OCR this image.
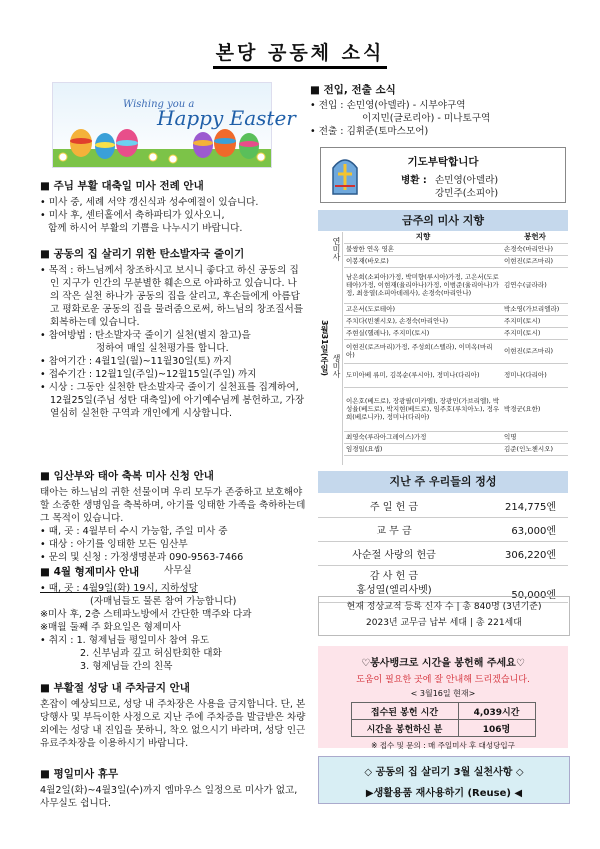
본당 공동체 소식
Wishing you a
Happy Easter
■ 주님 부활 대축일 미사 전례 안내
• 미사 중, 세례 서약 갱신식과 성수예절이 있습니다.
• 미사 후, 센터홀에서 축하파티가 있사오니,
함께 하시어 부활의 기쁨을 나누시기 바랍니다.
■ 공동의 집 살리기 위한 탄소발자국 줄이기
• 목적 : 하느님께서 창조하시고 보시니 좋다고 하신 공동의 집인 지구가 인간의 무분별한 훼손으로 아파하고 있습니다. 나의 작은 실천 하나가 공동의 집을 살리고, 후손들에게 아름답고 평화로운 공동의 집을 물려줌으로써, 하느님의 창조질서를 회복하는데 있습니다.
• 참여방법 : 탄소발자국 줄이기 실천(별지 참고)을
정하여 매일 실천평가를 합니다.
• 참여기간 : 4월1일(월)~11월30일(토) 까지
• 접수기간 : 12월1일(주일)~12월15일(주일) 까지
• 시상 : 그동안 실천한 탄소발자국 줄이기 실천표를 집계하여, 12월25일(주님 성탄 대축일)에 아기예수님께 봉헌하고, 가장 열심히 실천한 구역과 개인에게 시상합니다.
■ 임산부와 태아 축복 미사 신청 안내
태아는 하느님의 귀한 선물이며 우리 모두가 존중하고 보호해야 할 소중한 생명임을 축복하며, 아기를 잉태한 가족을 축하하는데 그 목적이 있습니다.
• 때, 곳 : 4월부터 수시 가능함, 주일 미사 중
• 대상 : 아기를 잉태한 모든 임산부
• 문의 및 신청 : 가정생명분과 090-9563-7466
사무실
■ 4월 형제미사 안내
• 때, 곳 : 4월9일(화) 19시, 지하성당
(자매님들도 물론 참여 가능합니다)
※미사 후, 2층 스테파노방에서 간단한 맥주와 다과
※매월 둘째 주 화요일은 형제미사
• 취지 : 1. 형제님들 평일미사 참여 유도
2. 신부님과 깊고 허심탄회한 대화
3. 형제님들 간의 친목
■ 부활절 성당 내 주차금지 안내
혼잡이 예상되므로, 성당 내 주차장은 사용을 금지합니다. 단, 본당행사 및 부득이한 사정으로 지난 주에 주차증을 발급받은 차량 외에는 성당 내 진입을 못하니, 착오 없으시기 바라며, 성당 인근 유료주차장을 이용하시기 바랍니다.
■ 평일미사 휴무
4월2일(화)~4월3일(수)까지 엠마우스 일정으로 미사가 없고, 사무실도 쉽니다.
■ 전입, 전출 소식
• 전입 : 손민영(아델라) - 시부야구역
이지민(글로리아) - 미나토구역
• 전출 : 김휘준(토마스모어)
기도부탁합니다
병환 : 손민영(아델라)
강민주(소피아)
금주의 미사 지향
3월31일(주일)
연미사
생미사
지향	봉헌자
불쌍한 연옥 영혼	손경숙(마리안나)
이봉재(바오로)	이현진(로즈마리)
남은희(소피아)가정, 박미향(루시아)가정, 고은서(도로테아)가정, 이현재(율리아나)가정, 이범준(율리아나)가정, 최웅열(소피아데레사), 손경숙(마리안나)	김연수(글라라)
고은서(도로테아)	박소영(가브리엘라)
주치다(빈첸시오), 손경숙(마리안나)	주지미(토시)
주현실(헬레나), 주지미(토시)	주지미(토시)
이현진(로즈마리)가정, 주성희(스텔라), 이미옥(마리아)	이현진(로즈마리)
도미아베 류미, 김복순(루시아), 정미나(다리아)	정미나(다리아)
이은호(베드로), 장광필(미카엘), 장광민(가브리엘), 박성율(베드로), 박지현(베드로), 임주호(루치아노), 정우희(베로니카), 정미나(다리아)	박경군(요한)
최영숙(루라아그레이스)가정	익명
임경일(요셉)	김준(인노첸시오)
지난 주 우리들의 정성
주 일 헌 금	214,775엔
교 무 금	63,000엔
사순절 사랑의 헌금	306,220엔

감 사 헌 금
홍성열(엘리사벳)	50,000엔
현재 정상교적 등록 신자 수 | 총 840명 (3년기준)
2023년 교무금 납부 세대 | 총 221세대
♡봉사뱅크로 시간을 봉헌해 주세요♡
도움이 필요한 곳에 잘 안내해 드리겠습니다.
< 3월16일 현재>
접수된 봉헌 시간	4,039시간
시간을 봉헌하신 분	106명
※ 접수 및 문의 : 매 주일미사 후 대성당입구
◇ 공동의 집 살리기 3월 실천사항 ◇
▶생활용품 재사용하기 (Reuse) ◀
